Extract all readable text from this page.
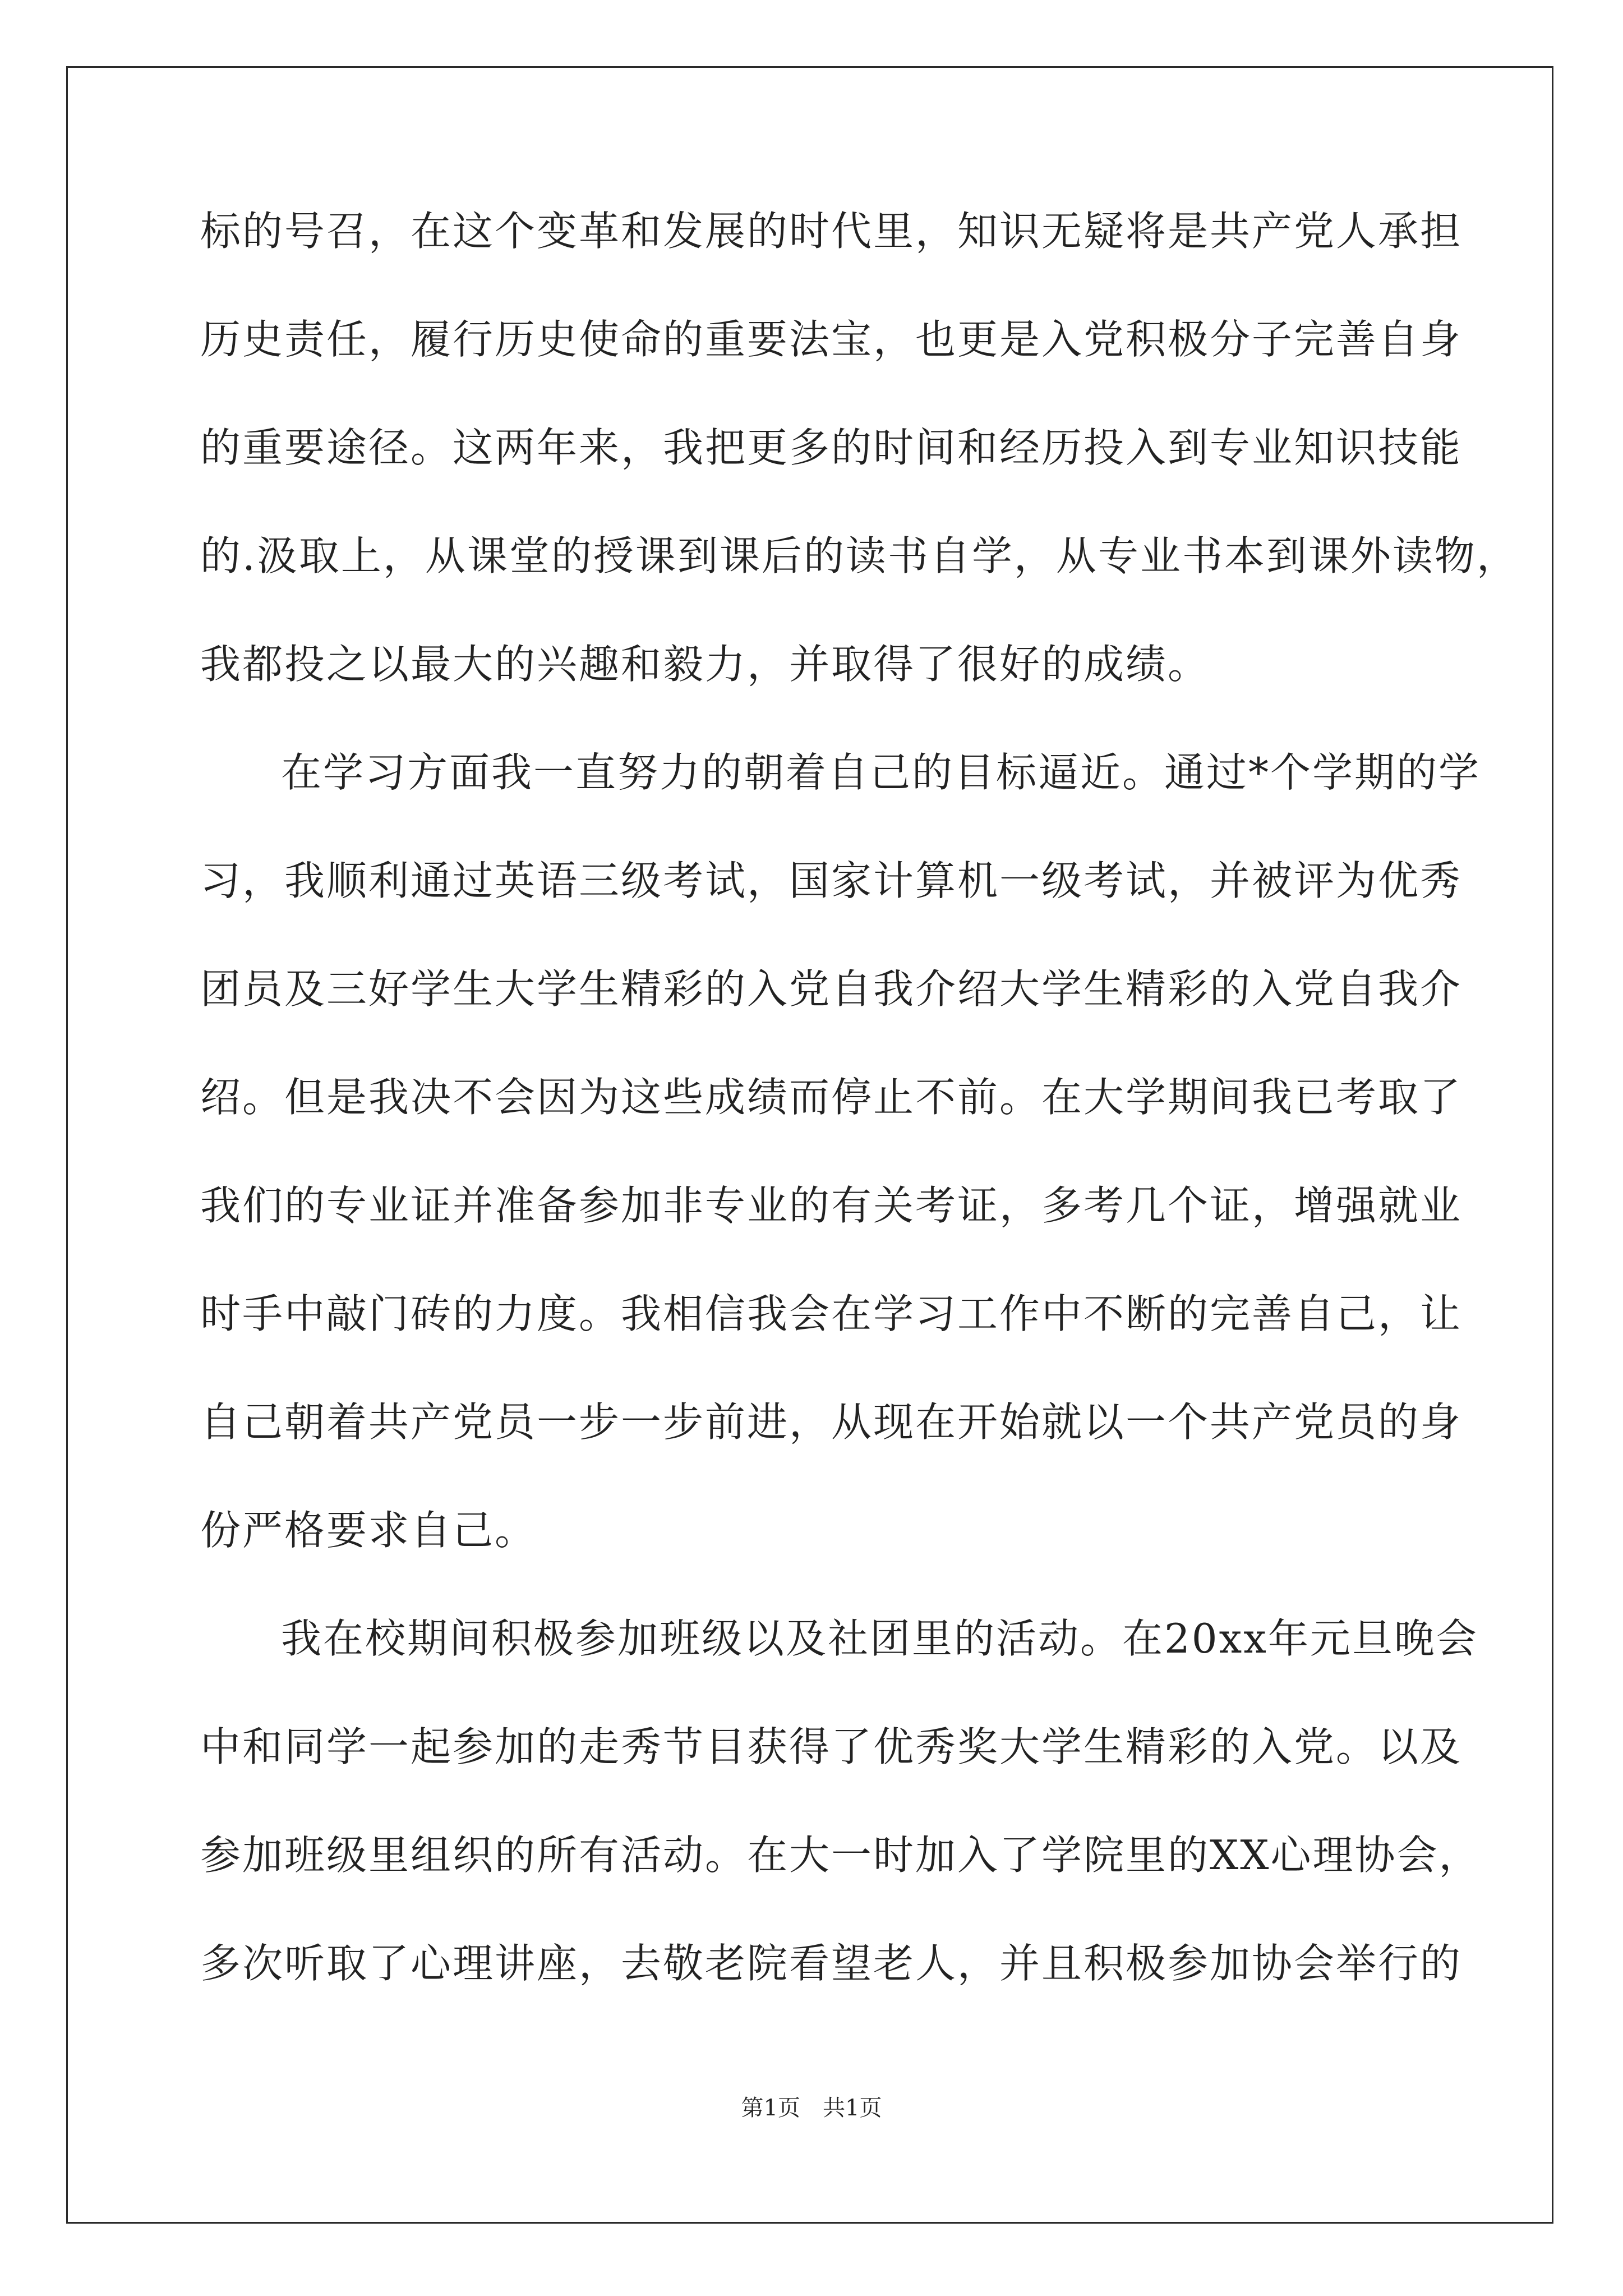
标的号召，在这个变革和发展的时代里，知识无疑将是共产党人承担
历史责任，履行历史使命的重要法宝，也更是入党积极分子完善自身
的重要途径。这两年来，我把更多的时间和经历投入到专业知识技能
的.汲取上，从课堂的授课到课后的读书自学，从专业书本到课外读物，
我都投之以最大的兴趣和毅力，并取得了很好的成绩。
在学习方面我一直努力的朝着自己的目标逼近。通过*个学期的学
习，我顺利通过英语三级考试，国家计算机一级考试，并被评为优秀
团员及三好学生大学生精彩的入党自我介绍大学生精彩的入党自我介
绍。但是我决不会因为这些成绩而停止不前。在大学期间我已考取了
我们的专业证并准备参加非专业的有关考证，多考几个证，增强就业
时手中敲门砖的力度。我相信我会在学习工作中不断的完善自己，让
自己朝着共产党员一步一步前进，从现在开始就以一个共产党员的身
份严格要求自己。
我在校期间积极参加班级以及社团里的活动。在20xx年元旦晚会
中和同学一起参加的走秀节目获得了优秀奖大学生精彩的入党。以及
参加班级里组织的所有活动。在大一时加入了学院里的XX心理协会，
多次听取了心理讲座，去敬老院看望老人，并且积极参加协会举行的
第1页　共1页
